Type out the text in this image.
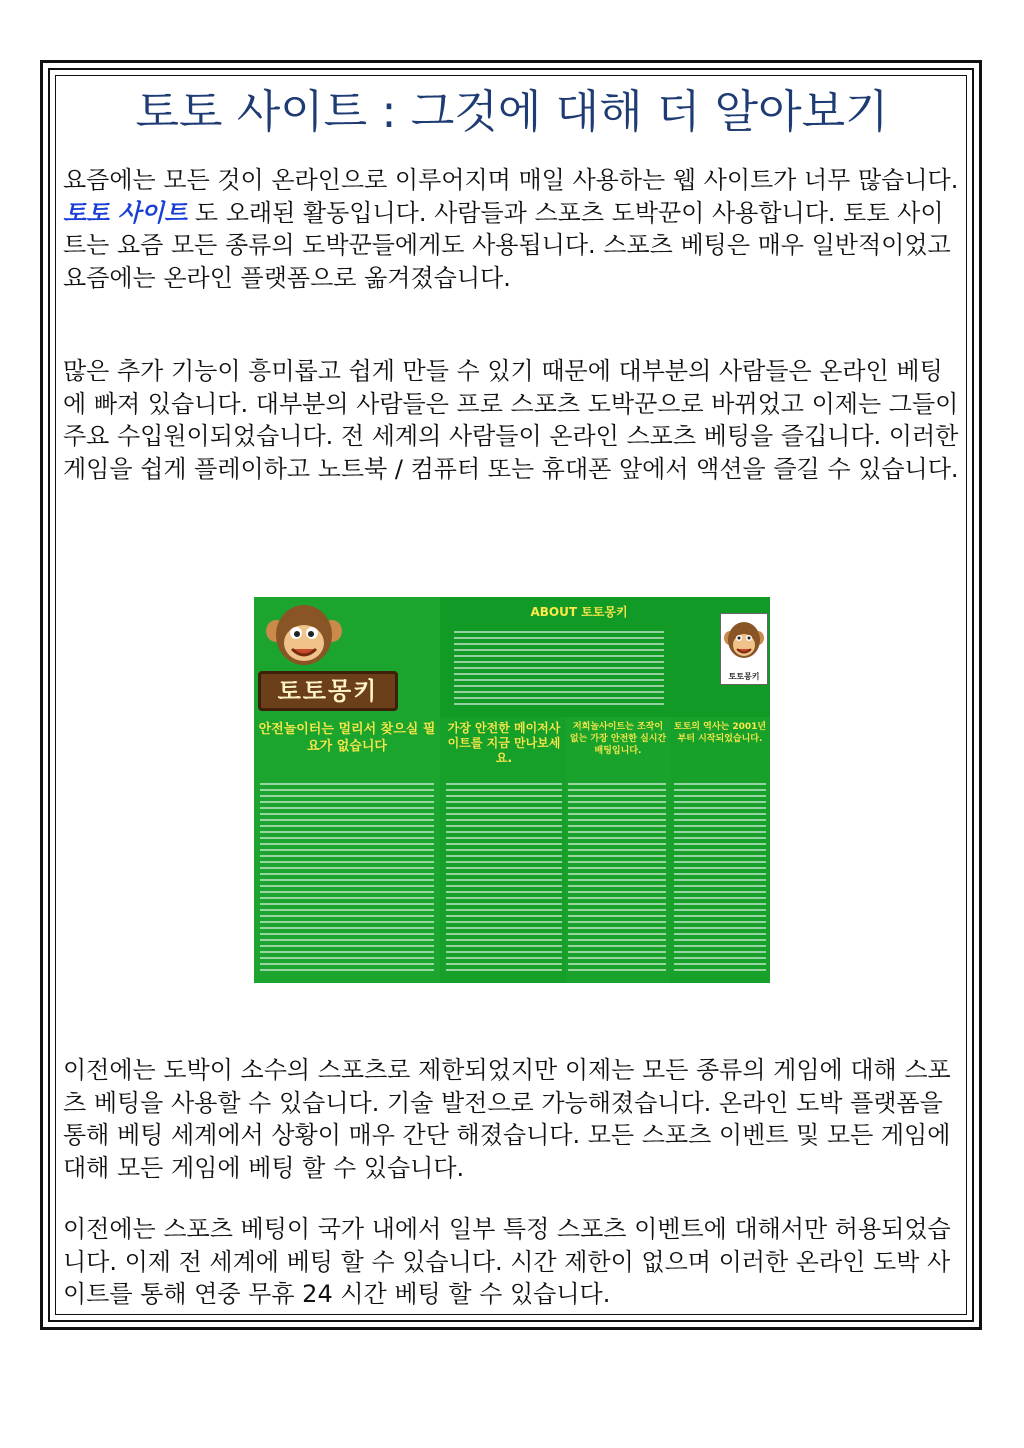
토토 사이트 : 그것에 대해 더 알아보기

요즘에는 모든 것이 온라인으로 이루어지며 매일 사용하는 웹 사이트가 너무 많습니다. 토토 사이트 도 오래된 활동입니다. 사람들과 스포츠 도박꾼이 사용합니다. 토토 사이트는 요즘 모든 종류의 도박꾼들에게도 사용됩니다. 스포츠 베팅은 매우 일반적이었고 요즘에는 온라인 플랫폼으로 옮겨졌습니다.

많은 추가 기능이 흥미롭고 쉽게 만들 수 있기 때문에 대부분의 사람들은 온라인 베팅에 빠져 있습니다. 대부분의 사람들은 프로 스포츠 도박꾼으로 바뀌었고 이제는 그들이 주요 수입원이되었습니다. 전 세계의 사람들이 온라인 스포츠 베팅을 즐깁니다. 이러한 게임을 쉽게 플레이하고 노트북 / 컴퓨터 또는 휴대폰 앞에서 액션을 즐길 수 있습니다.

토토몽키
ABOUT 토토몽키
토토몽키
안전놀이터는 멀리서 찾으실 필요가 없습니다
가장 안전한 메이저사이트를 지금 만나보세요.
저희놀사이트는 조작이 없는 가장 안전한 실시간 배팅입니다.
토토의 역사는 2001년부터 시작되었습니다.

이전에는 도박이 소수의 스포츠로 제한되었지만 이제는 모든 종류의 게임에 대해 스포츠 베팅을 사용할 수 있습니다. 기술 발전으로 가능해졌습니다. 온라인 도박 플랫폼을 통해 베팅 세계에서 상황이 매우 간단 해졌습니다. 모든 스포츠 이벤트 및 모든 게임에 대해 모든 게임에 베팅 할 수 있습니다.

이전에는 스포츠 베팅이 국가 내에서 일부 특정 스포츠 이벤트에 대해서만 허용되었습니다. 이제 전 세계에 베팅 할 수 있습니다. 시간 제한이 없으며 이러한 온라인 도박 사이트를 통해 연중 무휴 24 시간 베팅 할 수 있습니다.
